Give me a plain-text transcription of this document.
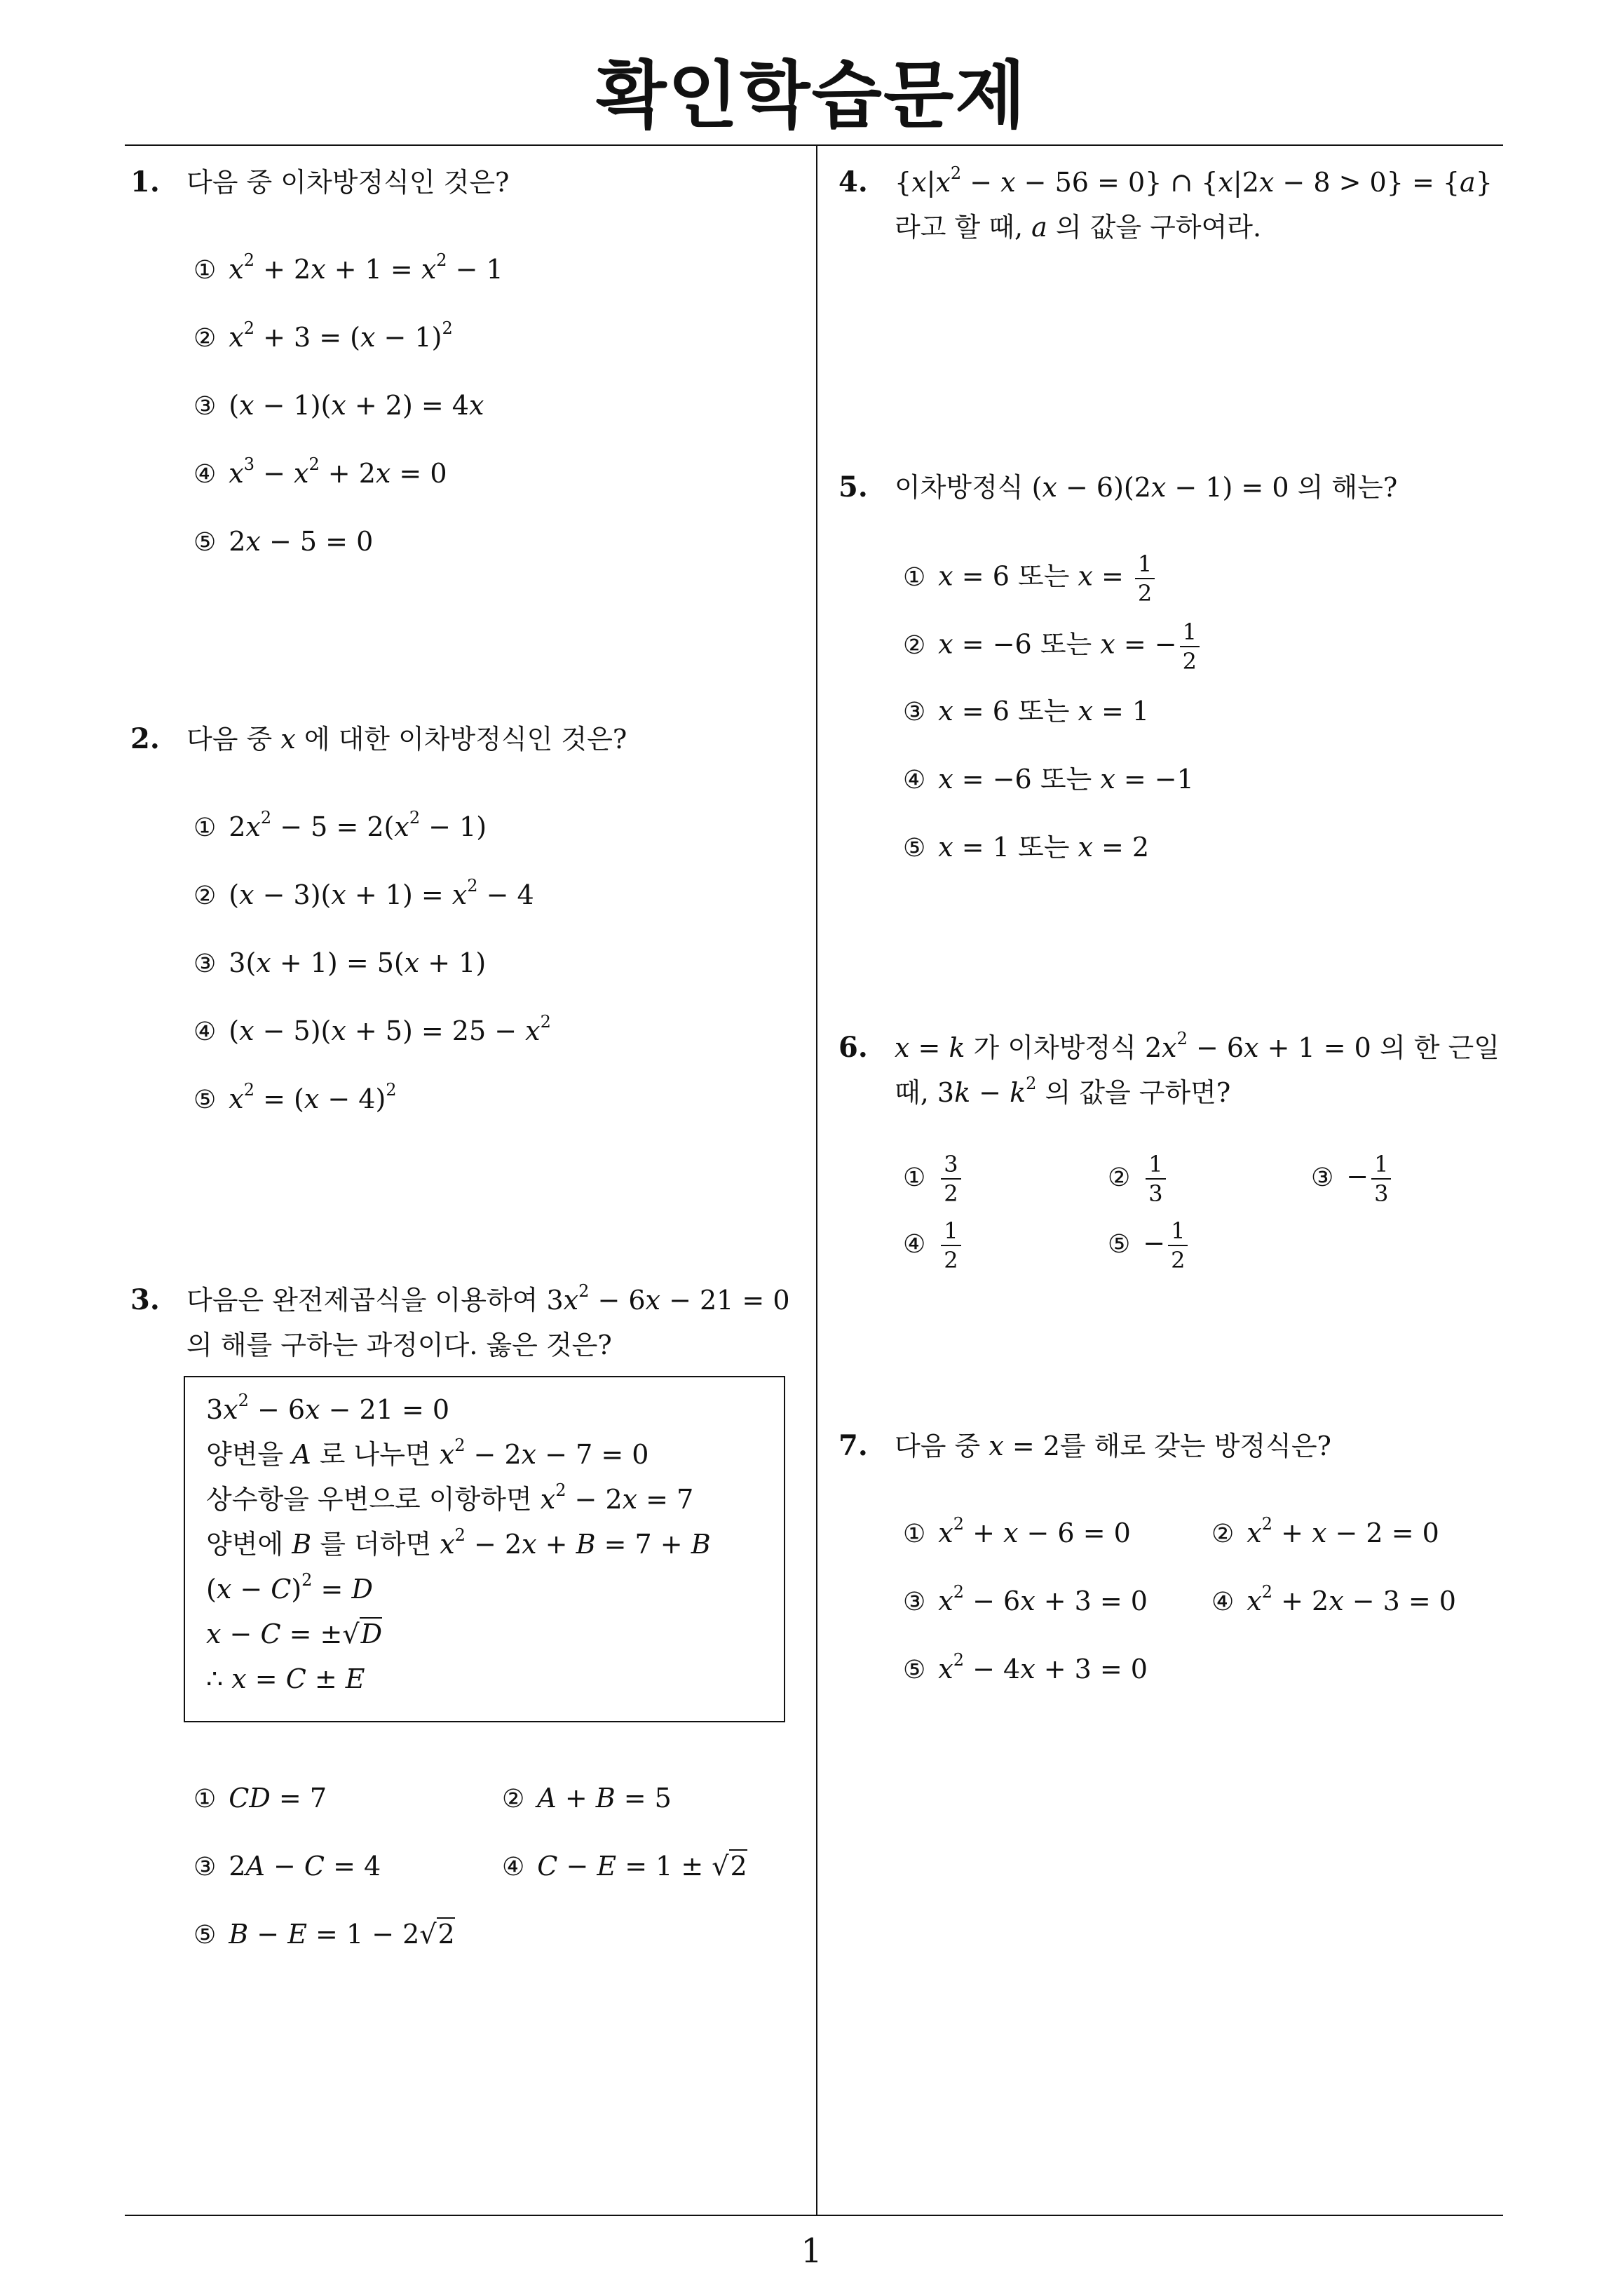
확인학습문제
1
1. 다음 중 이차방정식인 것은?
① $x^2 + 2x + 1 = x^2 - 1$
② $x^2 + 3 = (x - 1)^2$
③ (x − 1)(x + 2) = 4x
④ $x^3 - x^2 + 2x = 0$
⑤ 2x − 5 = 0
2. 다음 중 x 에 대한 이차방정식인 것은?
① $2x^2 - 5 = 2(x^2 - 1)$
② $(x - 3)(x + 1) = x^2 - 4$
③ 3(x + 1) = 5(x + 1)
④ $(x - 5)(x + 5) = 25 - x^2$
⑤ $x^2 = (x - 4)^2$
3. 다음은 완전제곱식을 이용하여 $3x^2 - 6x - 21 = 0$ 의 해를 구하는 과정이다. 옳은 것은?
$3x^2 - 6x - 21 = 0$
양변을 A 로 나누면 $x^2 - 2x - 7 = 0$
상수항을 우변으로 이항하면 $x^2 - 2x = 7$
양변에 B 를 더하면 $x^2 - 2x + B = 7 + B$
$(x - C)^2 = D$
x − C = ±√D
∴ x = C ± E
① CD = 7	② A + B = 5
③ 2A − C = 4	④ C − E = 1 ± √2
⑤ B − E = 1 − 2√2
4. $\{x|x^2 - x - 56 = 0\}$ ∩ {x|2x − 8 > 0} = {a} 라고 할 때, a 의 값을 구하여라.
5. 이차방정식 (x − 6)(2x − 1) = 0 의 해는?
① x = 6 또는 $x = \frac{1}{2}$
② x = −6 또는 x = − $\frac{1}{2}$
③ x = 6 또는 x = 1
④ x = −6 또는 x = −1
⑤ x = 1 또는 x = 2
6. x = k 가 이차방정식 $2x^2 - 6x + 1 = 0$ 의 한 근일 때, $3k - k^2$ 의 값을 구하면?
① $\frac{3}{2}$	② $\frac{1}{3}$	③ − $\frac{1}{3}$
④ $\frac{1}{2}$	⑤ − $\frac{1}{2}$
7. 다음 중 x = 2를 해로 갖는 방정식은?
① $x^2 + x - 6 = 0$	② $x^2 + x - 2 = 0$
③ $x^2 - 6x + 3 = 0$	④ $x^2 + 2x - 3 = 0$
⑤ $x^2 - 4x + 3 = 0$
